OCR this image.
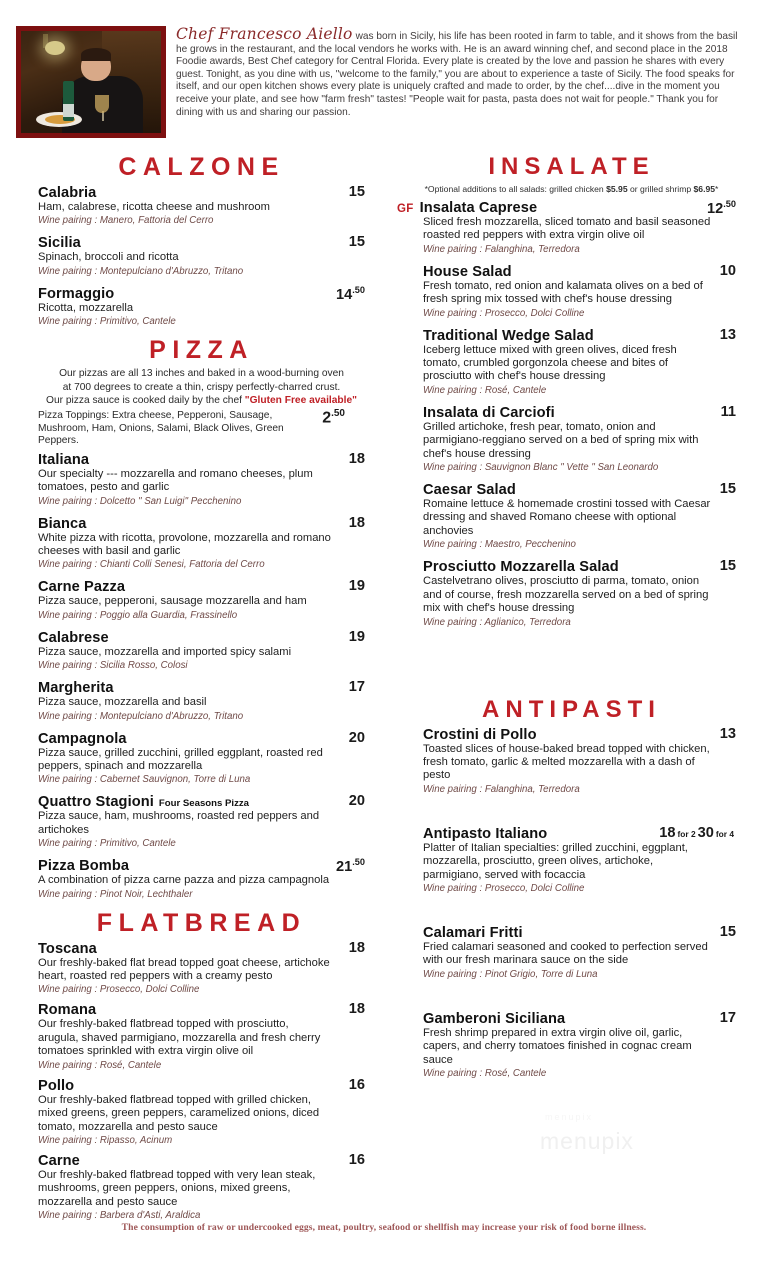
Chef Francesco Aiello was born in Sicily, his life has been rooted in farm to table, and it shows from the basil he grows in the restaurant, and the local vendors he works with. He is an award winning chef, and second place in the 2018 Foodie awards, Best Chef category for Central Florida. Every plate is created by the love and passion he shares with every guest. Tonight, as you dine with us, "welcome to the family," you are about to experience a taste of Sicily. The food speaks for itself, and our open kitchen shows every plate is uniquely crafted and made to order, by the chef....dive in the moment you receive your plate, and see how "farm fresh" tastes! "People wait for pasta, pasta does not wait for people." Thank you for dining with us and sharing our passion.
CALZONE
Calabria	15
Ham, calabrese, ricotta cheese and mushroom
Wine pairing : Manero, Fattoria del Cerro
Sicilia	15
Spinach, broccoli and ricotta
Wine pairing : Montepulciano d'Abruzzo, Tritano
Formaggio	$14^{.50}$
Ricotta, mozzarella
Wine pairing : Primitivo, Cantele
PIZZA
Our pizzas are all 13 inches and baked in a wood-burning oven
at 700 degrees to create a thin, crispy perfectly-charred crust.
Our pizza sauce is cooked daily by the chef "Gluten Free available"
Pizza Toppings: Extra cheese, Pepperoni, Sausage, Mushroom, Ham, Onions, Salami, Black Olives, Green Peppers.
$2^{.50}$
Italiana	18
Our specialty --- mozzarella and romano cheeses, plum tomatoes, pesto and garlic
Wine pairing : Dolcetto " San Luigi" Pecchenino
Bianca	18
White pizza with ricotta, provolone, mozzarella and romano cheeses with basil and garlic
Wine pairing : Chianti Colli Senesi, Fattoria del Cerro
Carne Pazza	19
Pizza sauce, pepperoni, sausage mozzarella and ham
Wine pairing : Poggio alla Guardia, Frassinello
Calabrese	19
Pizza sauce, mozzarella and imported spicy salami
Wine pairing : Sicilia Rosso, Colosi
Margherita	17
Pizza sauce, mozzarella and basil
Wine pairing : Montepulciano d'Abruzzo, Tritano
Campagnola	20
Pizza sauce, grilled zucchini, grilled eggplant, roasted red peppers, spinach and mozzarella
Wine pairing : Cabernet Sauvignon, Torre di Luna
Quattro Stagioni Four Seasons Pizza	20
Pizza sauce, ham, mushrooms, roasted red peppers and artichokes
Wine pairing : Primitivo, Cantele
Pizza Bomba	$21^{.50}$
A combination of pizza carne pazza and pizza campagnola
Wine pairing : Pinot Noir, Lechthaler
FLATBREAD
Toscana	18
Our freshly-baked flat bread topped goat cheese, artichoke heart, roasted red peppers with a creamy pesto
Wine pairing : Prosecco, Dolci Colline
Romana	18
Our freshly-baked flatbread topped with prosciutto, arugula, shaved parmigiano, mozzarella and fresh cherry tomatoes sprinkled with extra virgin olive oil
Wine pairing : Rosé, Cantele
Pollo	16
Our freshly-baked flatbread topped with grilled chicken, mixed greens, green peppers, caramelized onions, diced tomato, mozzarella and pesto sauce
Wine pairing : Ripasso, Acinum
Carne	16
Our freshly-baked flatbread topped with very lean steak, mushrooms, green peppers, onions, mixed greens, mozzarella and pesto sauce
Wine pairing : Barbera d'Asti, Araldica
INSALATE
*Optional additions to all salads: grilled chicken $5.95 or grilled shrimp $6.95*
GF Insalata Caprese	$12^{.50}$
Sliced fresh mozzarella, sliced tomato and basil seasoned roasted red peppers with extra virgin olive oil
Wine pairing : Falanghina, Terredora
House Salad	10
Fresh tomato, red onion and kalamata olives on a bed of fresh spring mix tossed with chef's house dressing
Wine pairing : Prosecco, Dolci Colline
Traditional Wedge Salad	13
Iceberg lettuce mixed with green olives, diced fresh tomato, crumbled gorgonzola cheese and bites of prosciutto with chef's house dressing
Wine pairing : Rosé, Cantele
Insalata di Carciofi	11
Grilled artichoke, fresh pear, tomato, onion and parmigiano-reggiano served on a bed of spring mix with chef's house dressing
Wine pairing : Sauvignon Blanc " Vette " San Leonardo
Caesar Salad	15
Romaine lettuce & homemade crostini tossed with Caesar dressing and shaved Romano cheese with optional anchovies
Wine pairing : Maestro, Pecchenino
Prosciutto Mozzarella Salad	15
Castelvetrano olives, prosciutto di parma, tomato, onion and of course, fresh mozzarella served on a bed of spring mix with chef's house dressing
Wine pairing : Aglianico, Terredora
ANTIPASTI
Crostini di Pollo	13
Toasted slices of house-baked bread topped with chicken, fresh tomato, garlic & melted mozzarella with a dash of pesto
Wine pairing : Falanghina, Terredora
Antipasto Italiano	18 for 2 30 for 4
Platter of Italian specialties: grilled zucchini, eggplant, mozzarella, prosciutto, green olives, artichoke, parmigiano, served with focaccia
Wine pairing : Prosecco, Dolci Colline
Calamari Fritti	15
Fried calamari seasoned and cooked to perfection served with our fresh marinara sauce on the side
Wine pairing : Pinot Grigio, Torre di Luna
Gamberoni Siciliana	17
Fresh shrimp prepared in extra virgin olive oil, garlic, capers, and cherry tomatoes finished in cognac cream sauce
Wine pairing : Rosé, Cantele
menupix
menupix
The consumption of raw or undercooked eggs, meat, poultry, seafood or shellfish may increase your risk of food borne illness.
